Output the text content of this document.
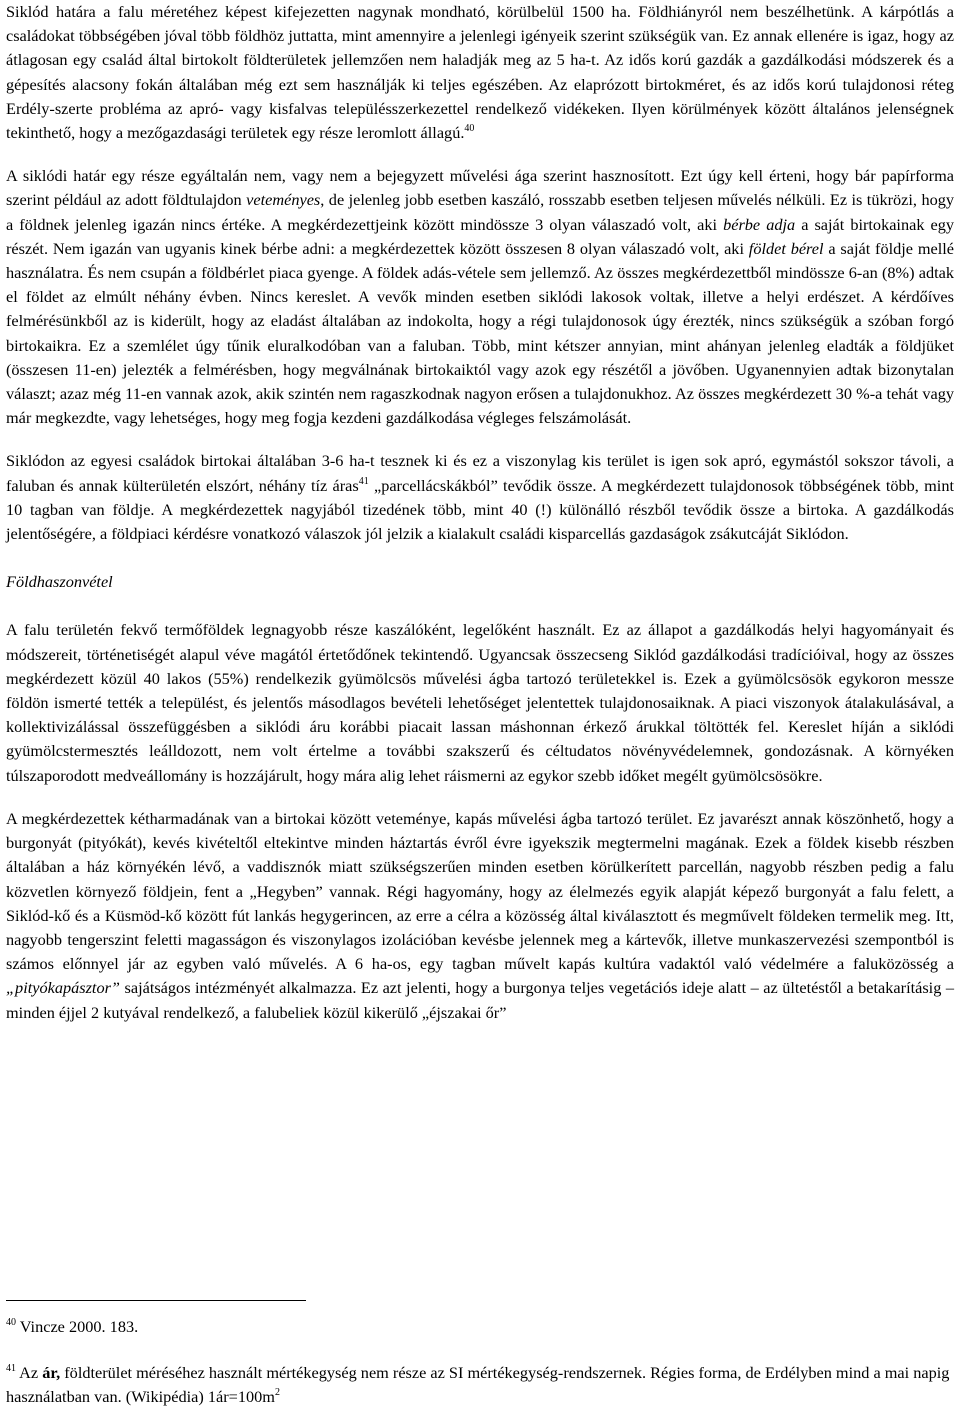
Siklód határa a falu méretéhez képest kifejezetten nagynak mondható, körülbelül 1500 ha. Földhiányról nem beszélhetünk. A kárpótlás a családokat többségében jóval több földhöz juttatta, mint amennyire a jelenlegi igényeik szerint szükségük van. Ez annak ellenére is igaz, hogy az átlagosan egy család által birtokolt földterületek jellemzően nem haladják meg az 5 ha-t. Az idős korú gazdák a gazdálkodási módszerek és a gépesítés alacsony fokán általában még ezt sem használják ki teljes egészében. Az elaprózott birtokméret, és az idős korú tulajdonosi réteg Erdély-szerte probléma az apró- vagy kisfalvas településszerkezettel rendelkező vidékeken. Ilyen körülmények között általános jelenségnek tekinthető, hogy a mezőgazdasági területek egy része leromlott állagú.$^{40}$

A siklódi határ egy része egyáltalán nem, vagy nem a bejegyzett művelési ága szerint hasznosított. Ezt úgy kell érteni, hogy bár papírforma szerint például az adott földtulajdon veteményes, de jelenleg jobb esetben kaszáló, rosszabb esetben teljesen művelés nélküli. Ez is tükrözi, hogy a földnek jelenleg igazán nincs értéke. A megkérdezettjeink között mindössze 3 olyan válaszadó volt, aki bérbe adja a saját birtokainak egy részét. Nem igazán van ugyanis kinek bérbe adni: a megkérdezettek között összesen 8 olyan válaszadó volt, aki földet bérel a saját földje mellé használatra. És nem csupán a földbérlet piaca gyenge. A földek adás-vétele sem jellemző. Az összes megkérdezettből mindössze 6-an (8%) adtak el földet az elmúlt néhány évben. Nincs kereslet. A vevők minden esetben siklódi lakosok voltak, illetve a helyi erdészet. A kérdőíves felmérésünkből az is kiderült, hogy az eladást általában az indokolta, hogy a régi tulajdonosok úgy érezték, nincs szükségük a szóban forgó birtokaikra. Ez a szemlélet úgy tűnik eluralkodóban van a faluban. Több, mint kétszer annyian, mint ahányan jelenleg eladták a földjüket (összesen 11-en) jelezték a felmérésben, hogy megválnának birtokaiktól vagy azok egy részétől a jövőben. Ugyanennyien adtak bizonytalan választ; azaz még 11-en vannak azok, akik szintén nem ragaszkodnak nagyon erősen a tulajdonukhoz. Az összes megkérdezett 30 %-a tehát vagy már megkezdte, vagy lehetséges, hogy meg fogja kezdeni gazdálkodása végleges felszámolását.

Siklódon az egyesi családok birtokai általában 3-6 ha-t tesznek ki és ez a viszonylag kis terület is igen sok apró, egymástól sokszor távoli, a faluban és annak külterületén elszórt, néhány tíz áras$^{41}$ „parcellácskákból” tevődik össze. A megkérdezett tulajdonosok többségének több, mint 10 tagban van földje. A megkérdezettek nagyjából tizedének több, mint 40 (!) különálló részből tevődik össze a birtoka. A gazdálkodás jelentőségére, a földpiaci kérdésre vonatkozó válaszok jól jelzik a kialakult családi kisparcellás gazdaságok zsákutcáját Siklódon.

Földhaszonvétel

A falu területén fekvő termőföldek legnagyobb része kaszálóként, legelőként használt. Ez az állapot a gazdálkodás helyi hagyományait és módszereit, történetiségét alapul véve magától értetődőnek tekintendő. Ugyancsak összecseng Siklód gazdálkodási tradícióival, hogy az összes megkérdezett közül 40 lakos (55%) rendelkezik gyümölcsös művelési ágba tartozó területekkel is. Ezek a gyümölcsösök egykoron messze földön ismerté tették a települést, és jelentős másodlagos bevételi lehetőséget jelentettek tulajdonosaiknak. A piaci viszonyok átalakulásával, a kollektivizálással összefüggésben a siklódi áru korábbi piacait lassan máshonnan érkező árukkal töltötték fel. Kereslet híján a siklódi gyümölcstermesztés leálldozott, nem volt értelme a további szakszerű és céltudatos növényvédelemnek, gondozásnak. A környéken túlszaporodott medveállomány is hozzájárult, hogy mára alig lehet ráismerni az egykor szebb időket megélt gyümölcsösökre.

A megkérdezettek kétharmadának van a birtokai között veteménye, kapás művelési ágba tartozó terület. Ez javarészt annak köszönhető, hogy a burgonyát (pityókát), kevés kivételtől eltekintve minden háztartás évről évre igyekszik megtermelni magának. Ezek a földek kisebb részben általában a ház környékén lévő, a vaddisznók miatt szükségszerűen minden esetben körülkerített parcellán, nagyobb részben pedig a falu közvetlen környező földjein, fent a „Hegyben” vannak. Régi hagyomány, hogy az élelmezés egyik alapját képező burgonyát a falu felett, a Siklód-kő és a Küsmöd-kő között fút lankás hegygerincen, az erre a célra a közösség által kiválasztott és megművelt földeken termelik meg. Itt, nagyobb tengerszint feletti magasságon és viszonylagos izolációban kevésbe jelennek meg a kártevők, illetve munkaszervezési szempontból is számos előnnyel jár az egyben való művelés. A 6 ha-os, egy tagban művelt kapás kultúra vadaktól való védelmére a faluközösség a „pityókapásztor” sajátságos intézményét alkalmazza. Ez azt jelenti, hogy a burgonya teljes vegetációs ideje alatt – az ültetéstől a betakarításig – minden éjjel 2 kutyával rendelkező, a falubeliek közül kikerülő „éjszakai őr”

$^{40}$ Vincze 2000. 183.

$^{41}$ Az ár, földterület méréséhez használt mértékegység nem része az SI mértékegység-rendszernek. Régies forma, de Erdélyben mind a mai napig használatban van. (Wikipédia) $1ár=100m^2$
